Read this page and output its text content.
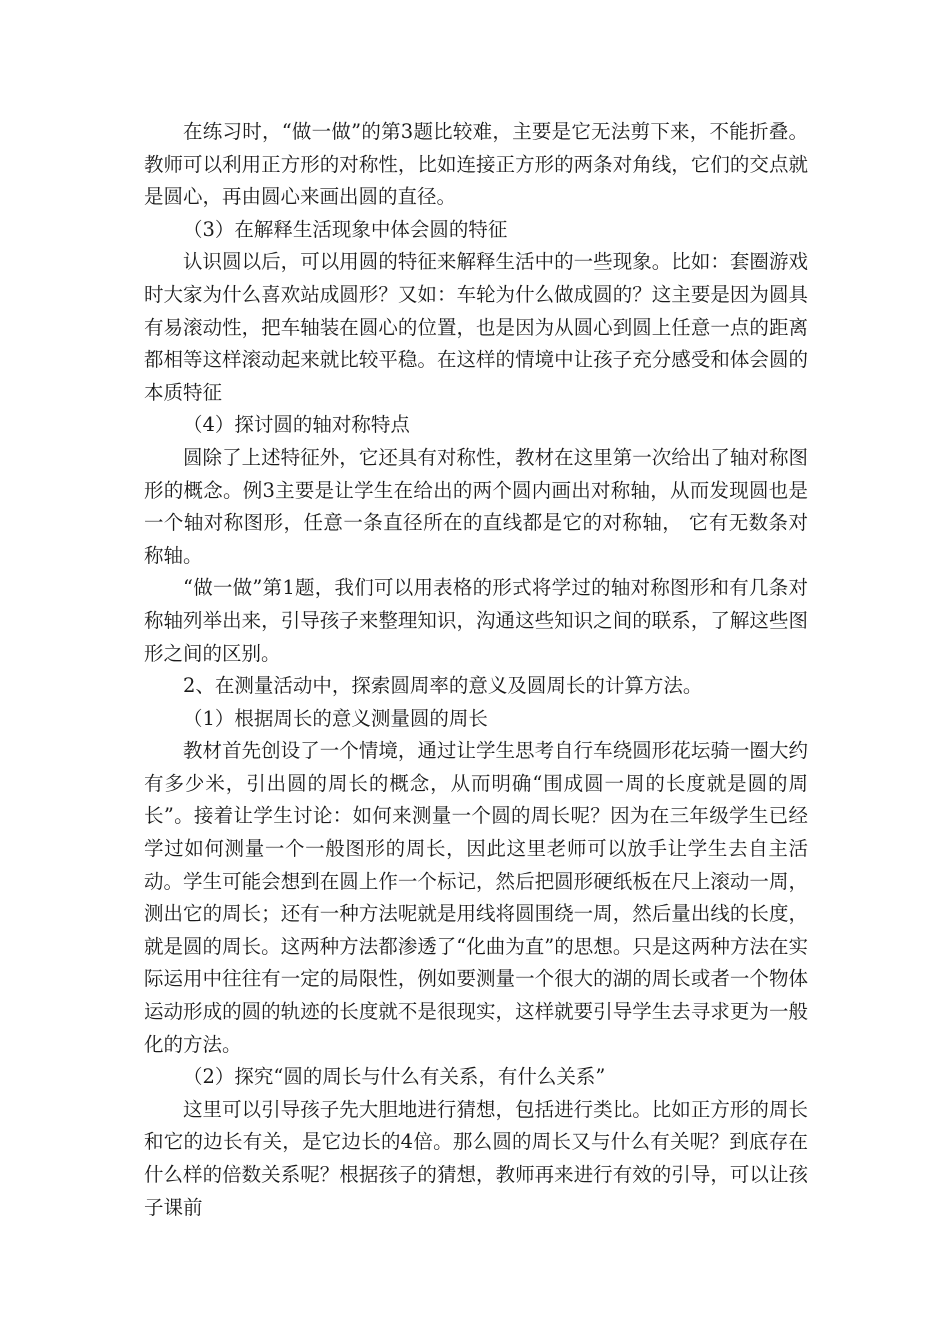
在练习时，“做一做”的第3题比较难，主要是它无法剪下来，不能折叠。教师可以利用正方形的对称性，比如连接正方形的两条对角线，它们的交点就是圆心，再由圆心来画出圆的直径。

（3）在解释生活现象中体会圆的特征

认识圆以后，可以用圆的特征来解释生活中的一些现象。比如：套圈游戏时大家为什么喜欢站成圆形？又如：车轮为什么做成圆的？这主要是因为圆具有易滚动性，把车轴装在圆心的位置，也是因为从圆心到圆上任意一点的距离都相等这样滚动起来就比较平稳。在这样的情境中让孩子充分感受和体会圆的本质特征

（4）探讨圆的轴对称特点

圆除了上述特征外，它还具有对称性，教材在这里第一次给出了轴对称图形的概念。例3主要是让学生在给出的两个圆内画出对称轴，从而发现圆也是一个轴对称图形，任意一条直径所在的直线都是它的对称轴， 它有无数条对称轴。

“做一做”第1题，我们可以用表格的形式将学过的轴对称图形和有几条对称轴列举出来，引导孩子来整理知识，沟通这些知识之间的联系，了解这些图形之间的区别。

2、在测量活动中，探索圆周率的意义及圆周长的计算方法。

（1）根据周长的意义测量圆的周长

教材首先创设了一个情境，通过让学生思考自行车绕圆形花坛骑一圈大约有多少米，引出圆的周长的概念，从而明确“围成圆一周的长度就是圆的周长”。接着让学生讨论：如何来测量一个圆的周长呢？因为在三年级学生已经学过如何测量一个一般图形的周长，因此这里老师可以放手让学生去自主活动。学生可能会想到在圆上作一个标记，然后把圆形硬纸板在尺上滚动一周，测出它的周长；还有一种方法呢就是用线将圆围绕一周，然后量出线的长度，就是圆的周长。这两种方法都渗透了“化曲为直”的思想。只是这两种方法在实际运用中往往有一定的局限性，例如要测量一个很大的湖的周长或者一个物体运动形成的圆的轨迹的长度就不是很现实，这样就要引导学生去寻求更为一般化的方法。

（2）探究“圆的周长与什么有关系，有什么关系”

这里可以引导孩子先大胆地进行猜想，包括进行类比。比如正方形的周长和它的边长有关，是它边长的4倍。那么圆的周长又与什么有关呢？到底存在什么样的倍数关系呢？根据孩子的猜想，教师再来进行有效的引导，可以让孩子课前
